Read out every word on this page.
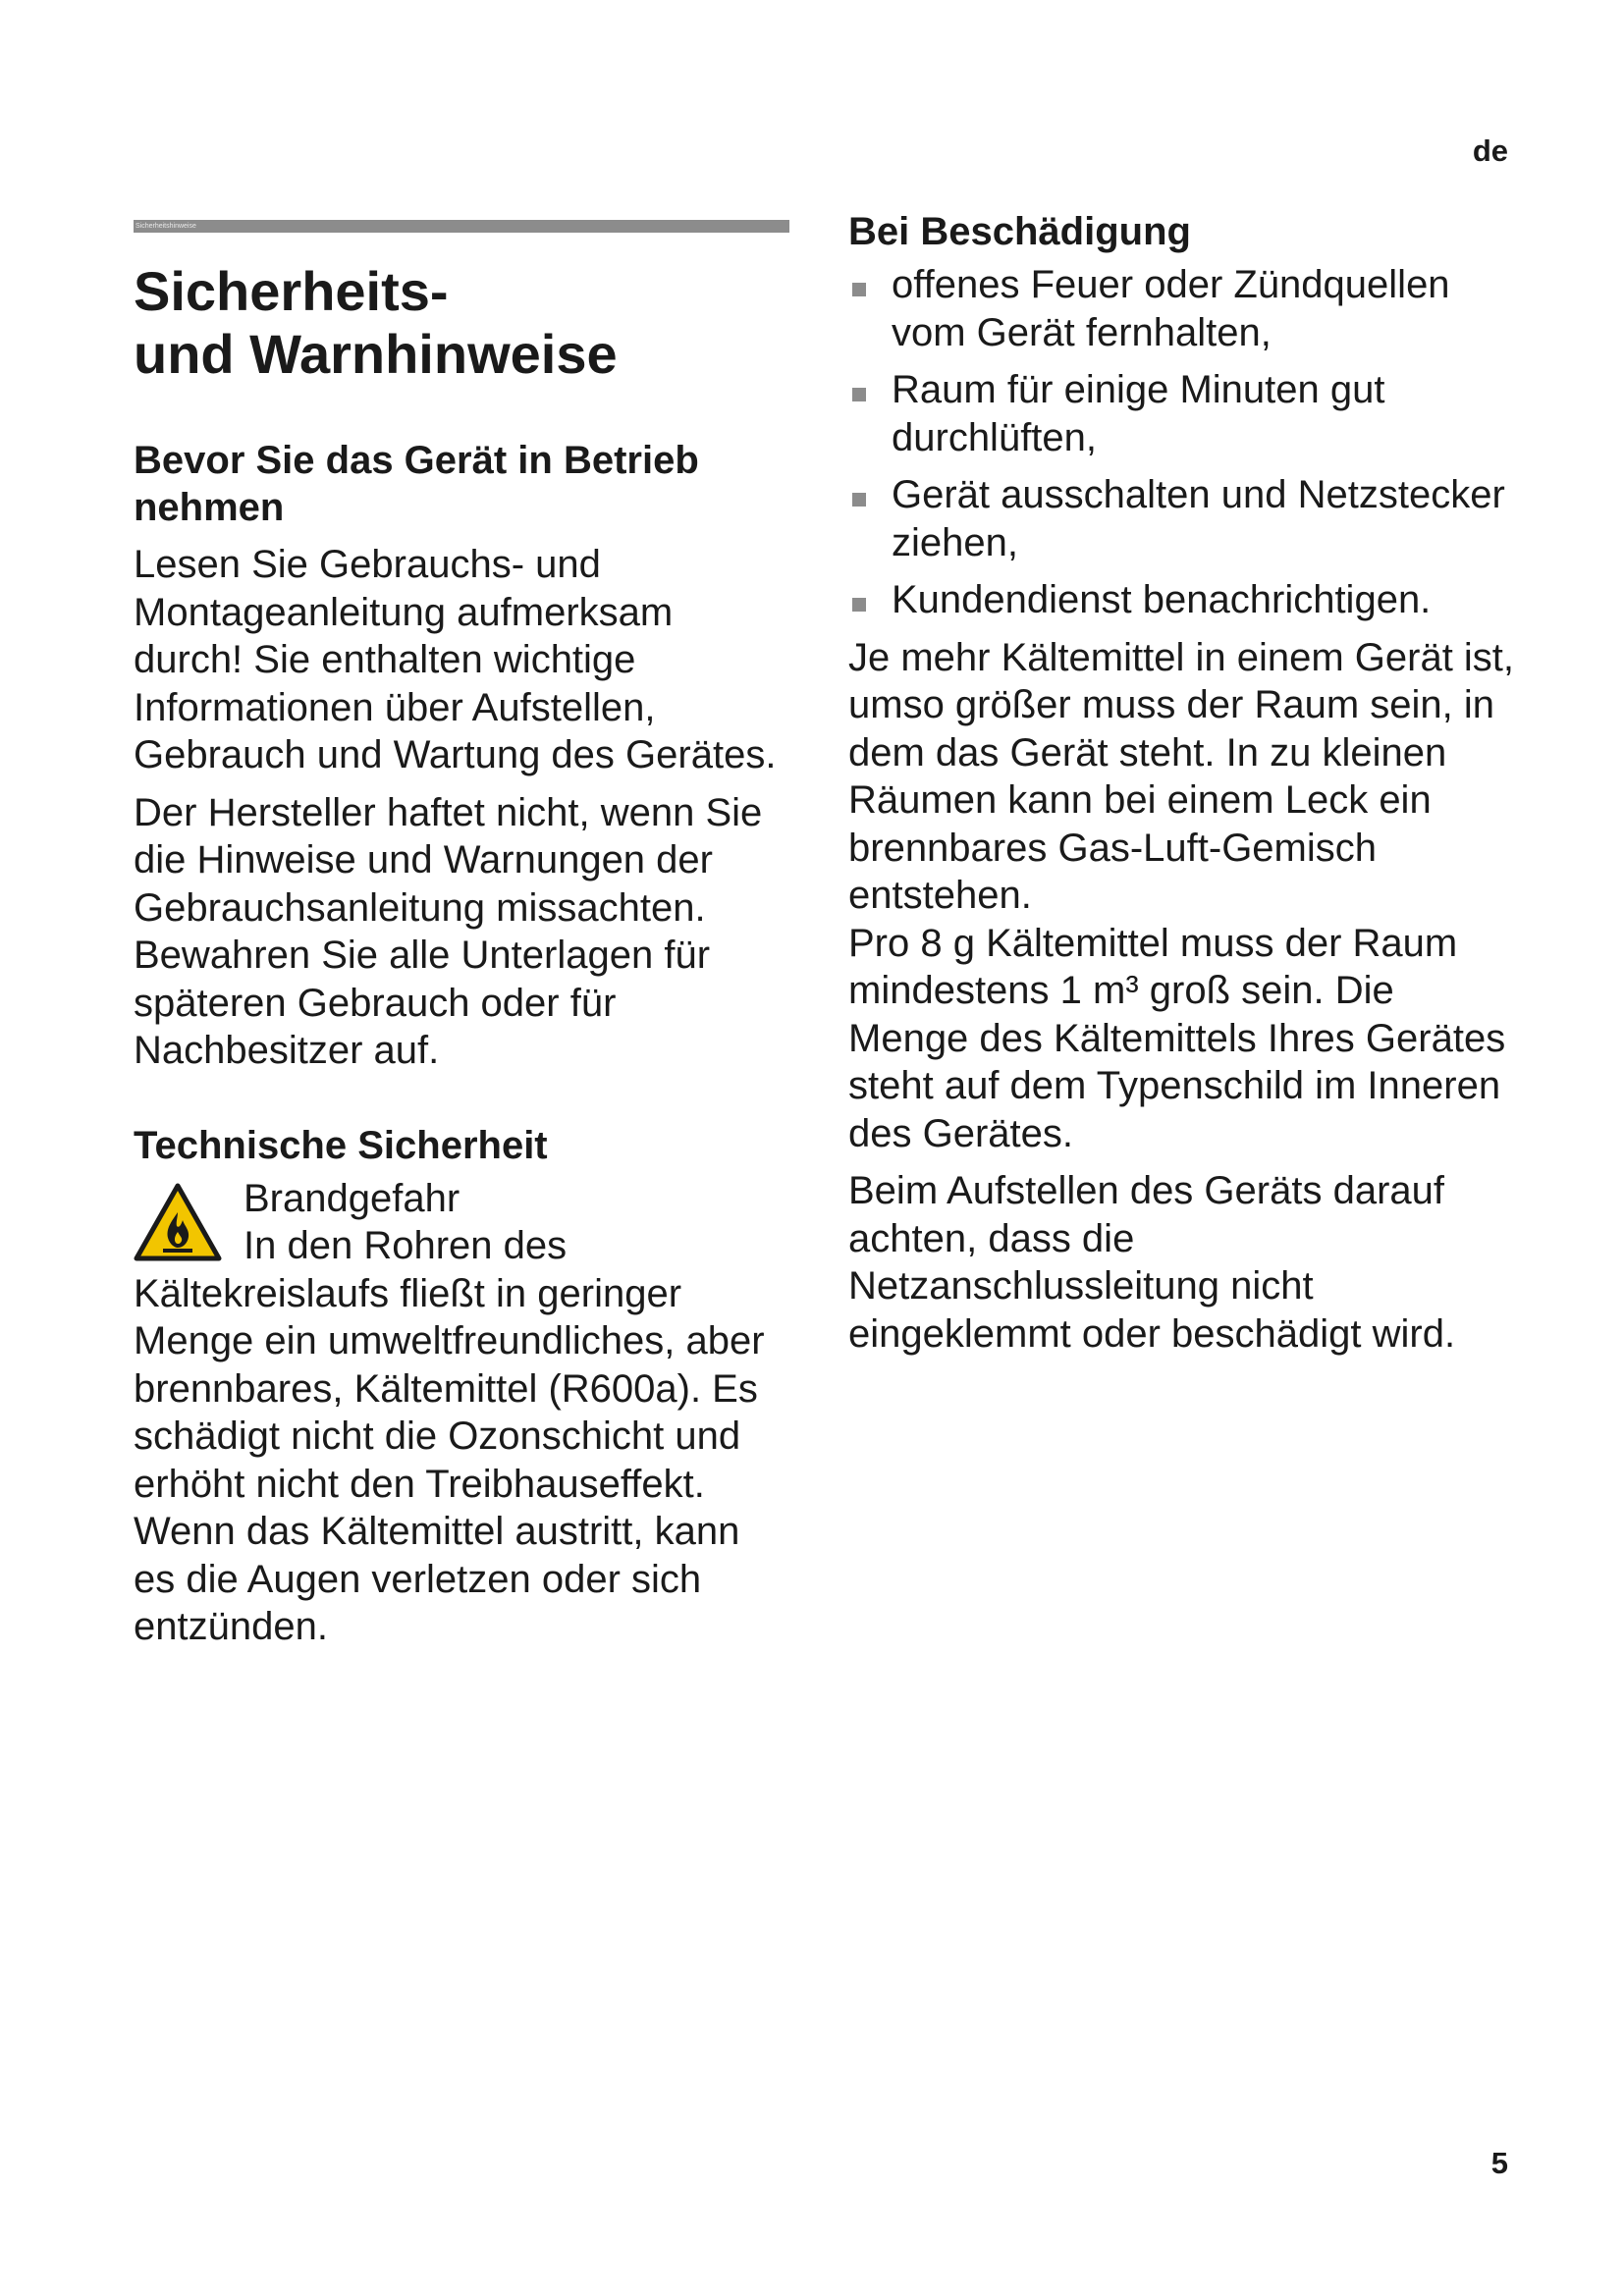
de
Sicherheitshinweise
Sicherheits-
und Warnhinweise
Bevor Sie das Gerät in Betrieb nehmen

Lesen Sie Gebrauchs- und Montageanleitung aufmerksam durch! Sie enthalten wichtige Informationen über Aufstellen, Gebrauch und Wartung des Gerätes.

Der Hersteller haftet nicht, wenn Sie die Hinweise und Warnungen der Gebrauchsanleitung missachten. Bewahren Sie alle Unterlagen für späteren Gebrauch oder für Nachbesitzer auf.

Technische Sicherheit

Brandgefahr

In den Rohren des

Kältekreislaufs fließt in geringer Menge ein umweltfreundliches, aber brennbares, Kältemittel (R600a). Es schädigt nicht die Ozonschicht und erhöht nicht den Treibhauseffekt. Wenn das Kältemittel austritt, kann es die Augen verletzen oder sich entzünden.

Bei Beschädigung
offenes Feuer oder Zündquellen vom Gerät fernhalten,
Raum für einige Minuten gut durchlüften,
Gerät ausschalten und Netzstecker ziehen,
Kundendienst benachrichtigen.

Je mehr Kältemittel in einem Gerät ist, umso größer muss der Raum sein, in dem das Gerät steht. In zu kleinen Räumen kann bei einem Leck ein brennbares Gas-Luft-Gemisch entstehen.

Pro 8 g Kältemittel muss der Raum mindestens 1 m³ groß sein. Die Menge des Kältemittels Ihres Gerätes steht auf dem Typenschild im Inneren des Gerätes.

Beim Aufstellen des Geräts darauf achten, dass die Netzanschlussleitung nicht eingeklemmt oder beschädigt wird.

5
